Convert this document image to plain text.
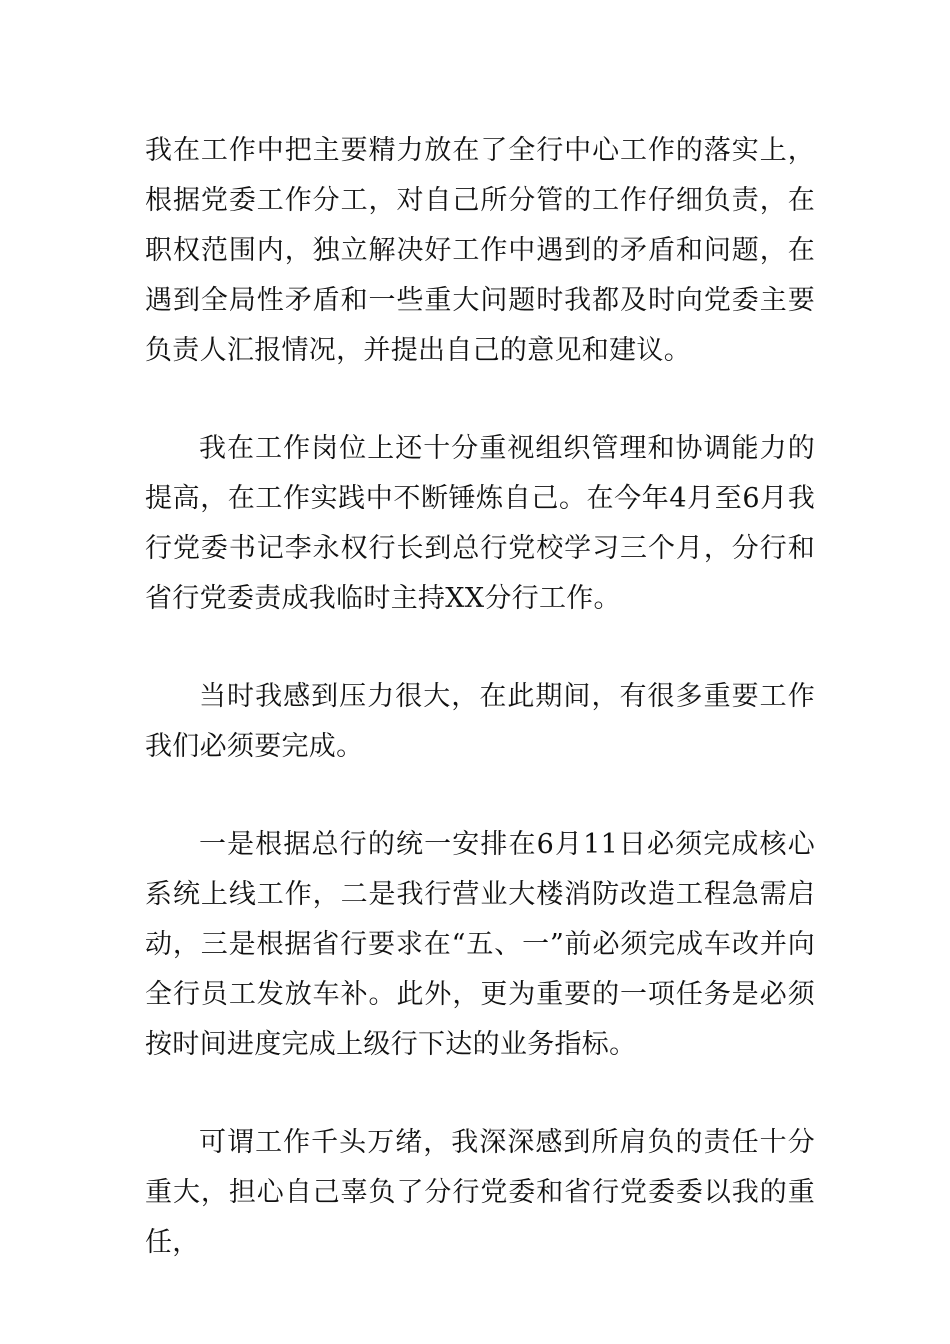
我在工作中把主要精力放在了全行中心工作的落实上，根据党委工作分工，对自己所分管的工作仔细负责，在职权范围内，独立解决好工作中遇到的矛盾和问题，在遇到全局性矛盾和一些重大问题时我都及时向党委主要负责人汇报情况，并提出自己的意见和建议。

我在工作岗位上还十分重视组织管理和协调能力的提高，在工作实践中不断锤炼自己。在今年4月至6月我行党委书记李永权行长到总行党校学习三个月，分行和省行党委责成我临时主持XX分行工作。

当时我感到压力很大，在此期间，有很多重要工作我们必须要完成。

一是根据总行的统一安排在6月11日必须完成核心系统上线工作，二是我行营业大楼消防改造工程急需启动，三是根据省行要求在“五、一”前必须完成车改并向全行员工发放车补。此外，更为重要的一项任务是必须按时间进度完成上级行下达的业务指标。

可谓工作千头万绪，我深深感到所肩负的责任十分重大，担心自己辜负了分行党委和省行党委委以我的重任，
